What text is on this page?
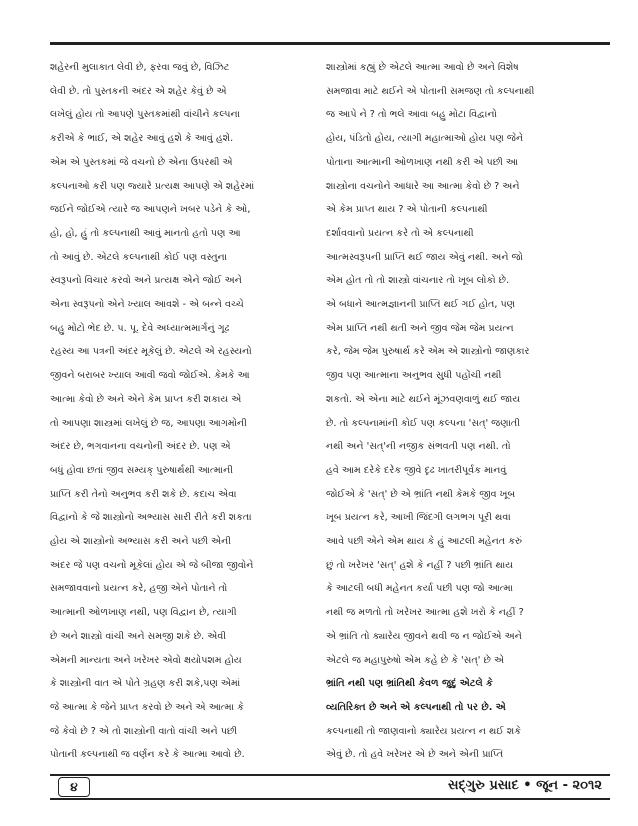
શહેરની મુલાકાત લેવી છે, ફરવા જવું છે, વિઝિટ
લેવી છે. તો પુસ્તકની અંદર એ શહેર કેવું છે એ
લખેલું હોય તો આપણે પુસ્તકમાંથી વાંચીને કલ્પના
કરીએ કે ભાઈ, એ શહેર આવું હશે કે આવું હશે.
એમ એ પુસ્તકમાં જે વચનો છે એના ઉપરથી એ
કલ્પનાઓ કરી પણ જ્યારે પ્રત્યક્ષ આપણે એ શહેરમાં
જઈને જોઈએ ત્યારે જ આપણને ખબર પડેને કે ઓ,
હો, હો, હું તો કલ્પનાથી આવું માનતો હતો પણ આ
તો આવું છે. એટલે કલ્પનાથી કોઈ પણ વસ્તુના
સ્વરૂપનો વિચાર કરવો અને પ્રત્યક્ષ એને જોઈ અને
એના સ્વરૂપનો એને ખ્યાલ આવશે - એ બન્ને વચ્ચે
બહુ મોટો ભેદ છે. પ. પૂ. દેવે અધ્યાત્મમાર્ગનું ગૂઢ
રહસ્ય આ પત્રની અંદર મૂકેલું છે. એટલે એ રહસ્યનો
જીવને બરાબર ખ્યાલ આવી જવો જોઈએ. કેમકે આ
આત્મા કેવો છે અને એને કેમ પ્રાપ્ત કરી શકાય એ
તો આપણા શાસ્ત્રમાં લખેલું છે જ, આપણા આગમોની
અંદર છે, ભગવાનના વચનોની અંદર છે. પણ એ
બધું હોવા છતાં જીવ સમ્યક્ પુરુષાર્થથી આત્માની
પ્રાપ્તિ કરી તેનો અનુભવ કરી શકે છે. કદાચ એવા
વિદ્વાનો કે જે શાસ્ત્રોનો અભ્યાસ સારી રીતે કરી શકતા
હોય એ શાસ્ત્રોનો અભ્યાસ કરી અને પછી એની
અંદર જે પણ વચનો મૂકેલાં હોય એ જે બીજા જીવોને
સમજાવવાનો પ્રયત્ન કરે, હજી એને પોતાને તો
આત્માની ઓળખાણ નથી, પણ વિદ્વાન છે, ત્યાગી
છે અને શાસ્ત્રો વાંચી અને સમજી શકે છે. એવી
એમની માન્યતા અને ખરેખર એવો ક્ષયોપશમ હોય
કે શાસ્ત્રોની વાત એ પોતે ગ્રહણ કરી શકે,પણ એમાં
જે આત્મા કે જેને પ્રાપ્ત કરવો છે અને એ આત્મા કે
જે કેવો છે ? એ તો શાસ્ત્રોની વાતો વાંચી અને પછી
પોતાની કલ્પનાથી જ વર્ણન કરે કે આત્મા આવો છે.
શાસ્ત્રોમાં કહ્યું છે એટલે આત્મા આવો છે અને વિશેષ
સમજાવા માટે થઈને એ પોતાની સમજણ તો કલ્પનાથી
જ આપે ને ? તો ભલે આવા બહુ મોટા વિદ્વાનો
હોય, પંડિતો હોય, ત્યાગી મહાત્માઓ હોય પણ જેને
પોતાના આત્માની ઓળખાણ નથી કરી એ પછી આ
શાસ્ત્રોના વચનોને આધારે આ આત્મા કેવો છે ? અને
એ કેમ પ્રાપ્ત થાય ? એ પોતાની કલ્પનાથી
દર્શાવવાનો પ્રયત્ન કરે તો એ કલ્પનાથી
આત્મસ્વરૂપની પ્રાપ્તિ થઈ જાય એવું નથી. અને જો
એમ હોત તો તો શાસ્ત્રો વાંચનાર તો ખૂબ લોકો છે.
એ બધાને આત્મજ્ઞાનની પ્રાપ્તિ થઈ ગઈ હોત, પણ
એમ પ્રાપ્તિ નથી થતી અને જીવ જેમ જેમ પ્રયત્ન
કરે, જેમ જેમ પુરુષાર્થ કરે એમ એ શાસ્ત્રોનો જાણકાર
જીવ પણ આત્માના અનુભવ સુધી પહોંચી નથી
શકતો. એ એના માટે થઈને મૂંઝવણવાળું થઈ જાય
છે. તો કલ્પનામાંની કોઈ પણ કલ્પના 'સત્' જણાતી
નથી અને 'સત્'ની નજીક સંભવતી પણ નથી. તો
હવે આમ દરેકે દરેક જીવે દૃઢ ખાતરીપૂર્વક માનવું
જોઈએ કે 'સત્' છે એ ભ્રાંતિ નથી કેમકે જીવ ખૂબ
ખૂબ પ્રયત્ન કરે, આખી જિંદગી લગભગ પૂરી થવા
આવે પછી એને એમ થાય કે હું આટલી મહેનત કરું
છું તો ખરેખર 'સત્' હશે કે નહીં ? પછી ભ્રાંતિ થાય
કે આટલી બધી મહેનત કર્યા પછી પણ જો આત્મા
નથી જ મળતો તો ખરેખર આત્મા હશે ખરો કે નહીં ?
એ ભ્રાંતિ તો ક્યારેય જીવને થવી જ ન જોઈએ અને
એટલે જ મહાપુરુષો એમ કહે છે કે 'સત્' છે એ
ભ્રાંતિ નથી પણ ભ્રાંતિથી કેવળ જુદું એટલે કે
વ્યતિરિક્ત છે અને એ કલ્પનાથી તો પર છે. એ
કલ્પનાથી તો જાણવાનો ક્યારેય પ્રયત્ન ન થઈ શકે
એવું છે. તો હવે ખરેખર એ છે અને એની પ્રાપ્તિ
૪	સદ્‌ગુરુ પ્રસાદ • જૂન - ૨૦૧૨
